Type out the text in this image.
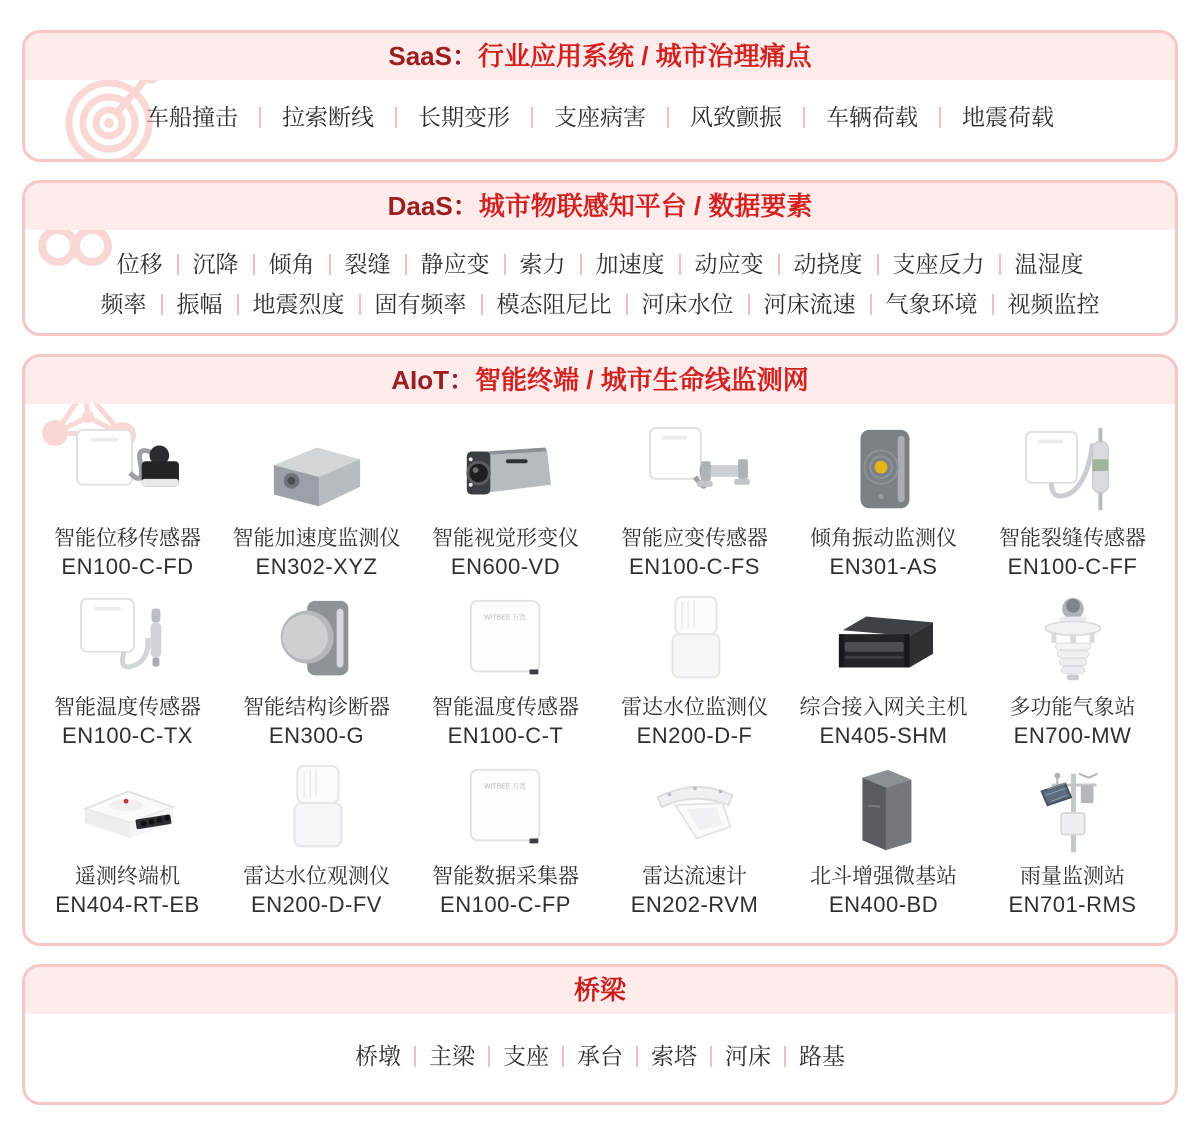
SaaS：行业应用系统 / 城市治理痛点
车船撞击 拉索断线 长期变形 支座病害 风致颤振 车辆荷载 地震荷载
DaaS：城市物联感知平台 / 数据要素
位移 沉降 倾角 裂缝 静应变 索力 加速度 动应变 动挠度 支座反力 温湿度
频率 振幅 地震烈度 固有频率 模态阻尼比 河床水位 河床流速 气象环境 视频监控
AIoT：智能终端 / 城市生命线监测网
智能位移传感器
EN100-C-FD
智能加速度监测仪
EN302-XYZ
智能视觉形变仪
EN600-VD
智能应变传感器
EN100-C-FS
倾角振动监测仪
EN301-AS
智能裂缝传感器
EN100-C-FF
智能温度传感器
EN100-C-TX
智能结构诊断器
EN300-G
WITBEE 万宾
智能温度传感器
EN100-C-T
雷达水位监测仪
EN200-D-F
综合接入网关主机
EN405-SHM
多功能气象站
EN700-MW
遥测终端机
EN404-RT-EB
雷达水位观测仪
EN200-D-FV
WITBEE 万宾
智能数据采集器
EN100-C-FP
雷达流速计
EN202-RVM
北斗增强微基站
EN400-BD
雨量监测站
EN701-RMS
桥梁
桥墩 主梁 支座 承台 索塔 河床 路基
